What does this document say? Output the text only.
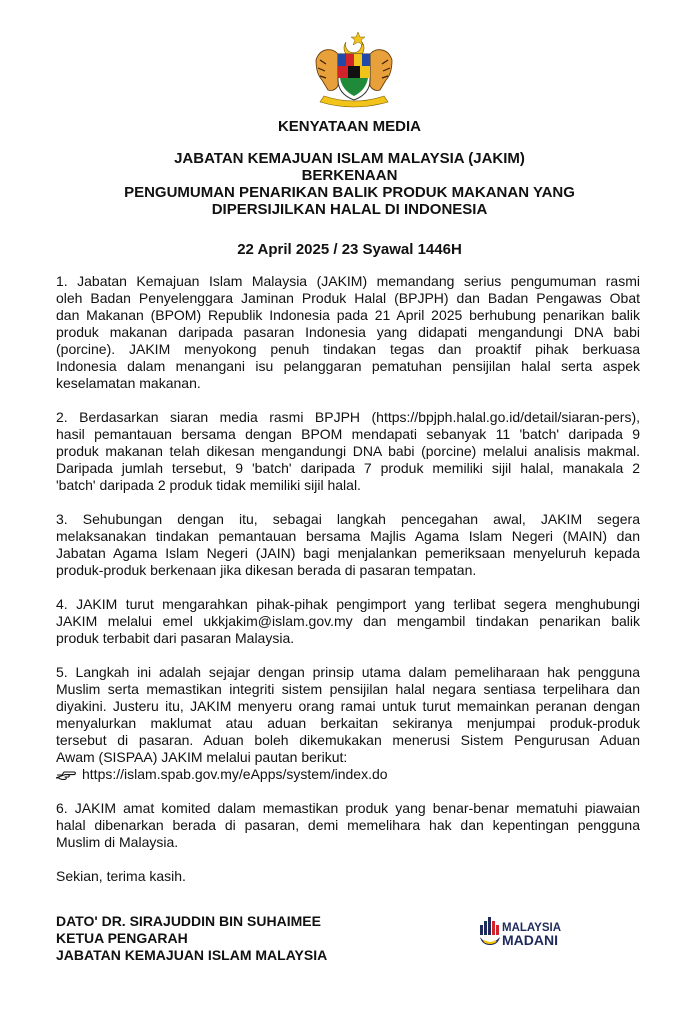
KENYATAAN MEDIA
JABATAN KEMAJUAN ISLAM MALAYSIA (JAKIM)
BERKENAAN
PENGUMUMAN PENARIKAN BALIK PRODUK MAKANAN YANG
DIPERSIJILKAN HALAL DI INDONESIA
22 April 2025 / 23 Syawal 1446H
1. Jabatan Kemajuan Islam Malaysia (JAKIM) memandang serius pengumuman rasmi
oleh Badan Penyelenggara Jaminan Produk Halal (BPJPH) dan Badan Pengawas Obat
dan Makanan (BPOM) Republik Indonesia pada 21 April 2025 berhubung penarikan balik
produk makanan daripada pasaran Indonesia yang didapati mengandungi DNA babi
(porcine). JAKIM menyokong penuh tindakan tegas dan proaktif pihak berkuasa
Indonesia dalam menangani isu pelanggaran pematuhan pensijilan halal serta aspek
keselamatan makanan.
2. Berdasarkan siaran media rasmi BPJPH (https://bpjph.halal.go.id/detail/siaran-pers),
hasil pemantauan bersama dengan BPOM mendapati sebanyak 11 'batch' daripada 9
produk makanan telah dikesan mengandungi DNA babi (porcine) melalui analisis makmal.
Daripada jumlah tersebut, 9 'batch' daripada 7 produk memiliki sijil halal, manakala 2
'batch' daripada 2 produk tidak memiliki sijil halal.
3. Sehubungan dengan itu, sebagai langkah pencegahan awal, JAKIM segera
melaksanakan tindakan pemantauan bersama Majlis Agama Islam Negeri (MAIN) dan
Jabatan Agama Islam Negeri (JAIN) bagi menjalankan pemeriksaan menyeluruh kepada
produk-produk berkenaan jika dikesan berada di pasaran tempatan.
4. JAKIM turut mengarahkan pihak-pihak pengimport yang terlibat segera menghubungi
JAKIM melalui emel ukkjakim@islam.gov.my dan mengambil tindakan penarikan balik
produk terbabit dari pasaran Malaysia.
5. Langkah ini adalah sejajar dengan prinsip utama dalam pemeliharaan hak pengguna
Muslim serta memastikan integriti sistem pensijilan halal negara sentiasa terpelihara dan
diyakini. Justeru itu, JAKIM menyeru orang ramai untuk turut memainkan peranan dengan
menyalurkan maklumat atau aduan berkaitan sekiranya menjumpai produk-produk
tersebut di pasaran. Aduan boleh dikemukakan menerusi Sistem Pengurusan Aduan
Awam (SISPAA) JAKIM melalui pautan berikut:
https://islam.spab.gov.my/eApps/system/index.do
6. JAKIM amat komited dalam memastikan produk yang benar-benar mematuhi piawaian
halal dibenarkan berada di pasaran, demi memelihara hak dan kepentingan pengguna
Muslim di Malaysia.
Sekian, terima kasih.
DATO' DR. SIRAJUDDIN BIN SUHAIMEE
KETUA PENGARAH
JABATAN KEMAJUAN ISLAM MALAYSIA
MALAYSIA
MADANI
